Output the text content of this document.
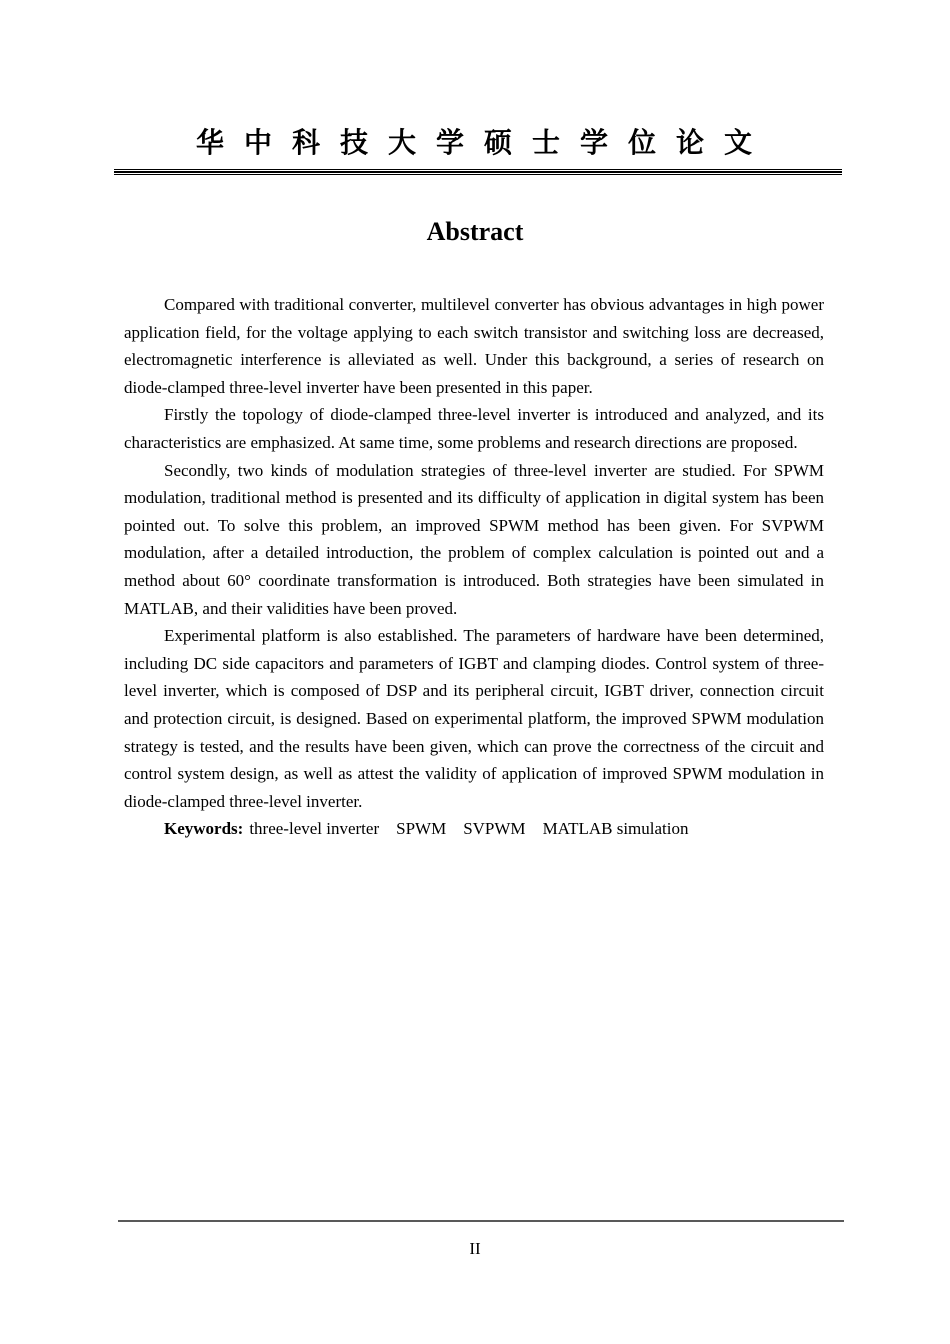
华 中 科 技 大 学 硕 士 学 位 论 文
Abstract

Compared with traditional converter, multilevel converter has obvious advantages in high power application field, for the voltage applying to each switch transistor and switching loss are decreased, electromagnetic interference is alleviated as well. Under this background, a series of research on diode-clamped three-level inverter have been presented in this paper.

Firstly the topology of diode-clamped three-level inverter is introduced and analyzed, and its characteristics are emphasized. At same time, some problems and research directions are proposed.

Secondly, two kinds of modulation strategies of three-level inverter are studied. For SPWM modulation, traditional method is presented and its difficulty of application in digital system has been pointed out. To solve this problem, an improved SPWM method has been given. For SVPWM modulation, after a detailed introduction, the problem of complex calculation is pointed out and a method about 60° coordinate transformation is introduced. Both strategies have been simulated in MATLAB, and their validities have been proved.

Experimental platform is also established. The parameters of hardware have been determined, including DC side capacitors and parameters of IGBT and clamping diodes. Control system of three-level inverter, which is composed of DSP and its peripheral circuit, IGBT driver, connection circuit and protection circuit, is designed. Based on experimental platform, the improved SPWM modulation strategy is tested, and the results have been given, which can prove the correctness of the circuit and control system design, as well as attest the validity of application of improved SPWM modulation in diode-clamped three-level inverter.

Keywords: three-level inverter SPWM SVPWM MATLAB simulation

II
